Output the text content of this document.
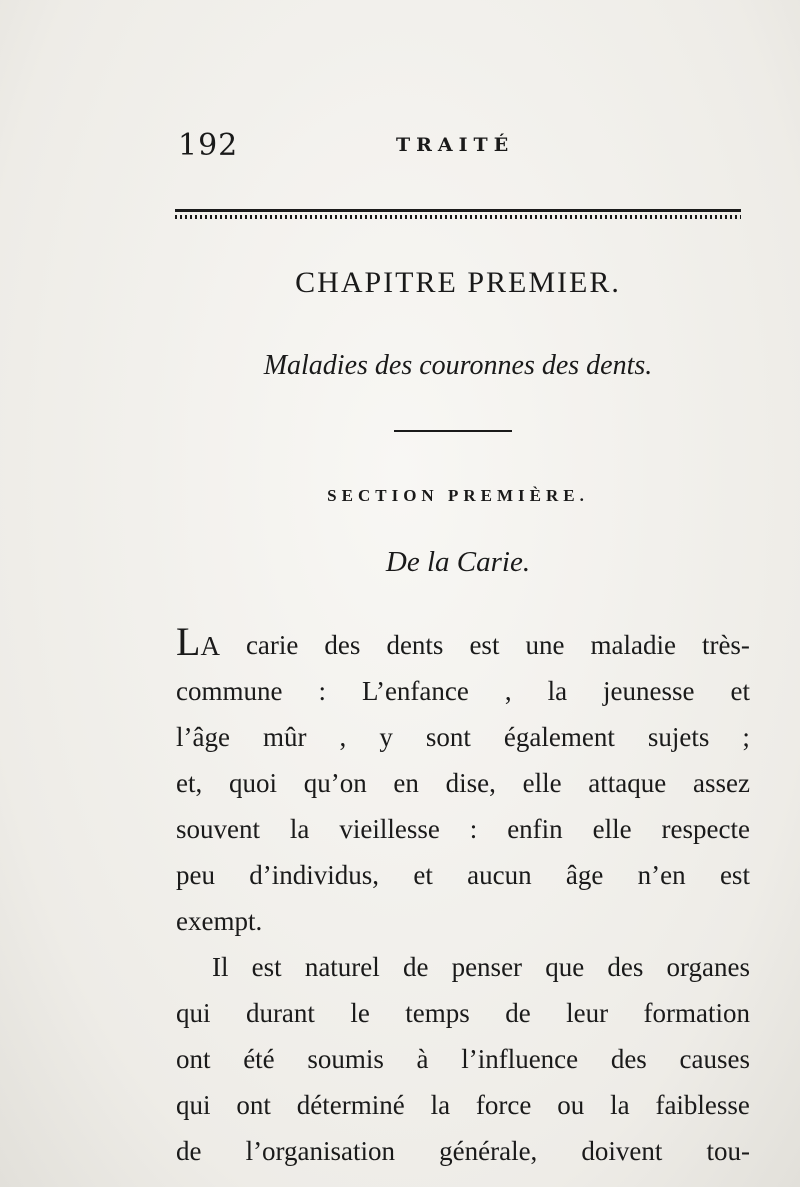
192	TRAITÉ
CHAPITRE PREMIER.
Maladies des couronnes des dents.
SECTION PREMIÈRE.
De la Carie.
LA carie des dents est une maladie très-
commune : L’enfance , la jeunesse et
l’âge mûr , y sont également sujets ;
et, quoi qu’on en dise, elle attaque assez
souvent la vieillesse : enfin elle respecte
peu d’individus, et aucun âge n’en est
exempt.
Il est naturel de penser que des organes
qui durant le temps de leur formation
ont été soumis à l’influence des causes
qui ont déterminé la force ou la faiblesse
de l’organisation générale, doivent tou-
